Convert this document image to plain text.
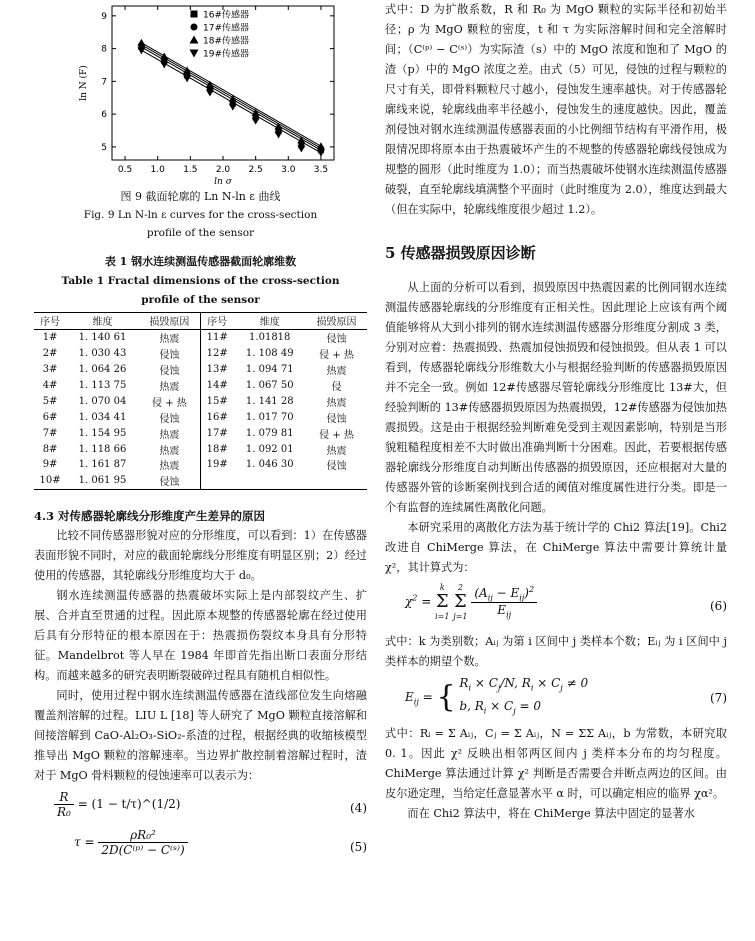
0.5 1.0 1.5 2.0 2.5 3.0 3.5
9
8
7
6
5
ln σ
ln N (F)
16#传感器
17#传感器
18#传感器
19#传感器
图 9 截面轮廓的 Ln N-ln ε 曲线
Fig. 9 Ln N-ln ε curves for the cross-section
profile of the sensor
表 1 钢水连续测温传感器截面轮廓维数
Table 1 Fractal dimensions of the cross-section
profile of the sensor
序号	维度	损毁原因	序号	维度	损毁原因
1#	1. 140 61	热震	11#	1.01818	侵蚀
2#	1. 030 43	侵蚀	12#	1. 108 49	侵 + 热
3#	1. 064 26	侵蚀	13#	1. 094 71	热震
4#	1. 113 75	热震	14#	1. 067 50	侵
5#	1. 070 04	侵 + 热	15#	1. 141 28	热震
6#	1. 034 41	侵蚀	16#	1. 017 70	侵蚀
7#	1. 154 95	热震	17#	1. 079 81	侵 + 热
8#	1. 118 66	热震	18#	1. 092 01	热震
9#	1. 161 87	热震	19#	1. 046 30	侵蚀
10#	1. 061 95	侵蚀			
4.3 对传感器轮廓线分形维度产生差异的原因

比较不同传感器形貌对应的分形维度，可以看到：1）在传感器表面形貌不同时，对应的截面轮廓线分形维度有明显区别；2）经过使用的传感器，其轮廓线分形维度均大于 d₀。

钢水连续测温传感器的热震破坏实际上是内部裂纹产生、扩展、合并直至贯通的过程。因此原本规整的传感器轮廓在经过使用后具有分形特征的根本原因在于：热震损伤裂纹本身具有分形特征。Mandelbrot 等人早在 1984 年即首先指出断口表面分形结构。而越来越多的研究表明断裂破碎过程具有随机自相似性。

同时，使用过程中钢水连续测温传感器在渣线部位发生向熔融覆盖剂溶解的过程。LIU L [18] 等人研究了 MgO 颗粒直接溶解和间接溶解到 CaO-Al₂O₃-SiO₂-系渣的过程，根据经典的收缩核模型推导出 MgO 颗粒的溶解速率。当边界扩散控制着溶解过程时，渣对于 MgO 骨料颗粒的侵蚀速率可以表示为：

$\frac{R}{\text{R₀}} = (1$ − t/τ)^(1/2)	(4)
$\tau = \frac{\text{ρR₀²}}{\text{2D(C⁽ᵖ⁾ − C⁽ˢ⁾)}}$	(5)

式中：D 为扩散系数，R 和 R₀ 为 MgO 颗粒的实际半径和初始半径；ρ 为 MgO 颗粒的密度，t 和 τ 为实际溶解时间和完全溶解时间；（C⁽ᵖ⁾ − C⁽ˢ⁾）为实际渣（s）中的 MgO 浓度和饱和了 MgO 的渣（p）中的 MgO 浓度之差。由式（5）可见，侵蚀的过程与颗粒的尺寸有关，即骨料颗粒尺寸越小，侵蚀发生速率越快。对于传感器轮廓线来说，轮廓线曲率半径越小，侵蚀发生的速度越快。因此，覆盖剂侵蚀对钢水连续测温传感器表面的小比例细节结构有平滑作用，极限情况即将原本由于热震破坏产生的不规整的传感器轮廓线侵蚀成为规整的圆形（此时维度为 1.0）；而当热震破坏使钢水连续测温传感器破裂，直至轮廓线填满整个平面时（此时维度为 2.0），维度达到最大（但在实际中，轮廓线维度很少超过 1.2）。

5 传感器损毁原因诊断

从上面的分析可以看到，损毁原因中热震因素的比例同钢水连续测温传感器轮廓线的分形维度有正相关性。因此理论上应该有两个阈值能够将从大到小排列的钢水连续测温传感器分形维度分割成 3 类，分别对应着：热震损毁、热震加侵蚀损毁和侵蚀损毁。但从表 1 可以看到，传感器轮廓线分形维数大小与根据经验判断的传感器损毁原因并不完全一致。例如 12#传感器尽管轮廓线分形维度比 13#大，但经验判断的 13#传感器损毁原因为热震损毁，12#传感器为侵蚀加热震损毁。这是由于根据经验判断难免受到主观因素影响，特别是当形貌粗糙程度相差不大时做出准确判断十分困难。因此，若要根据传感器轮廓线分形维度自动判断出传感器的损毁原因，还应根据对大量的传感器外管的诊断案例找到合适的阈值对维度属性进行分类。即是一个有监督的连续属性离散化问题。

本研究采用的离散化方法为基于统计学的 Chi2 算法[19]。Chi2 改进自 ChiMerge 算法，在 ChiMerge 算法中需要计算统计量 χ²，其计算式为：

$\chi^2$ =
k
Σ
i=1

2
Σ
j=1
$\frac{(A_{ij} - E_{ij})^2}{E_{ij}}$	(6)

式中：k 为类别数；Aᵢⱼ 为第 i 区间中 j 类样本个数；Eᵢⱼ 为 i 区间中 j 类样本的期望个数。

$E_{ij}$ = { $R_i \times C_j/N$, $R_i \times C_j \ne 0$
b, $R_i \times C_j = 0$
(7)

式中：Rᵢ = Σ Aᵢⱼ，Cⱼ = Σ Aᵢⱼ，N = ΣΣ Aᵢⱼ，b 为常数，本研究取 0. 1。因此 χ² 反映出相邻两区间内 j 类样本分布的均匀程度。ChiMerge 算法通过计算 χ² 判断是否需要合并断点两边的区间。由皮尔逊定理，当给定任意显著水平 α 时，可以确定相应的临界 χα²。

而在 Chi2 算法中，将在 ChiMerge 算法中固定的显著水
